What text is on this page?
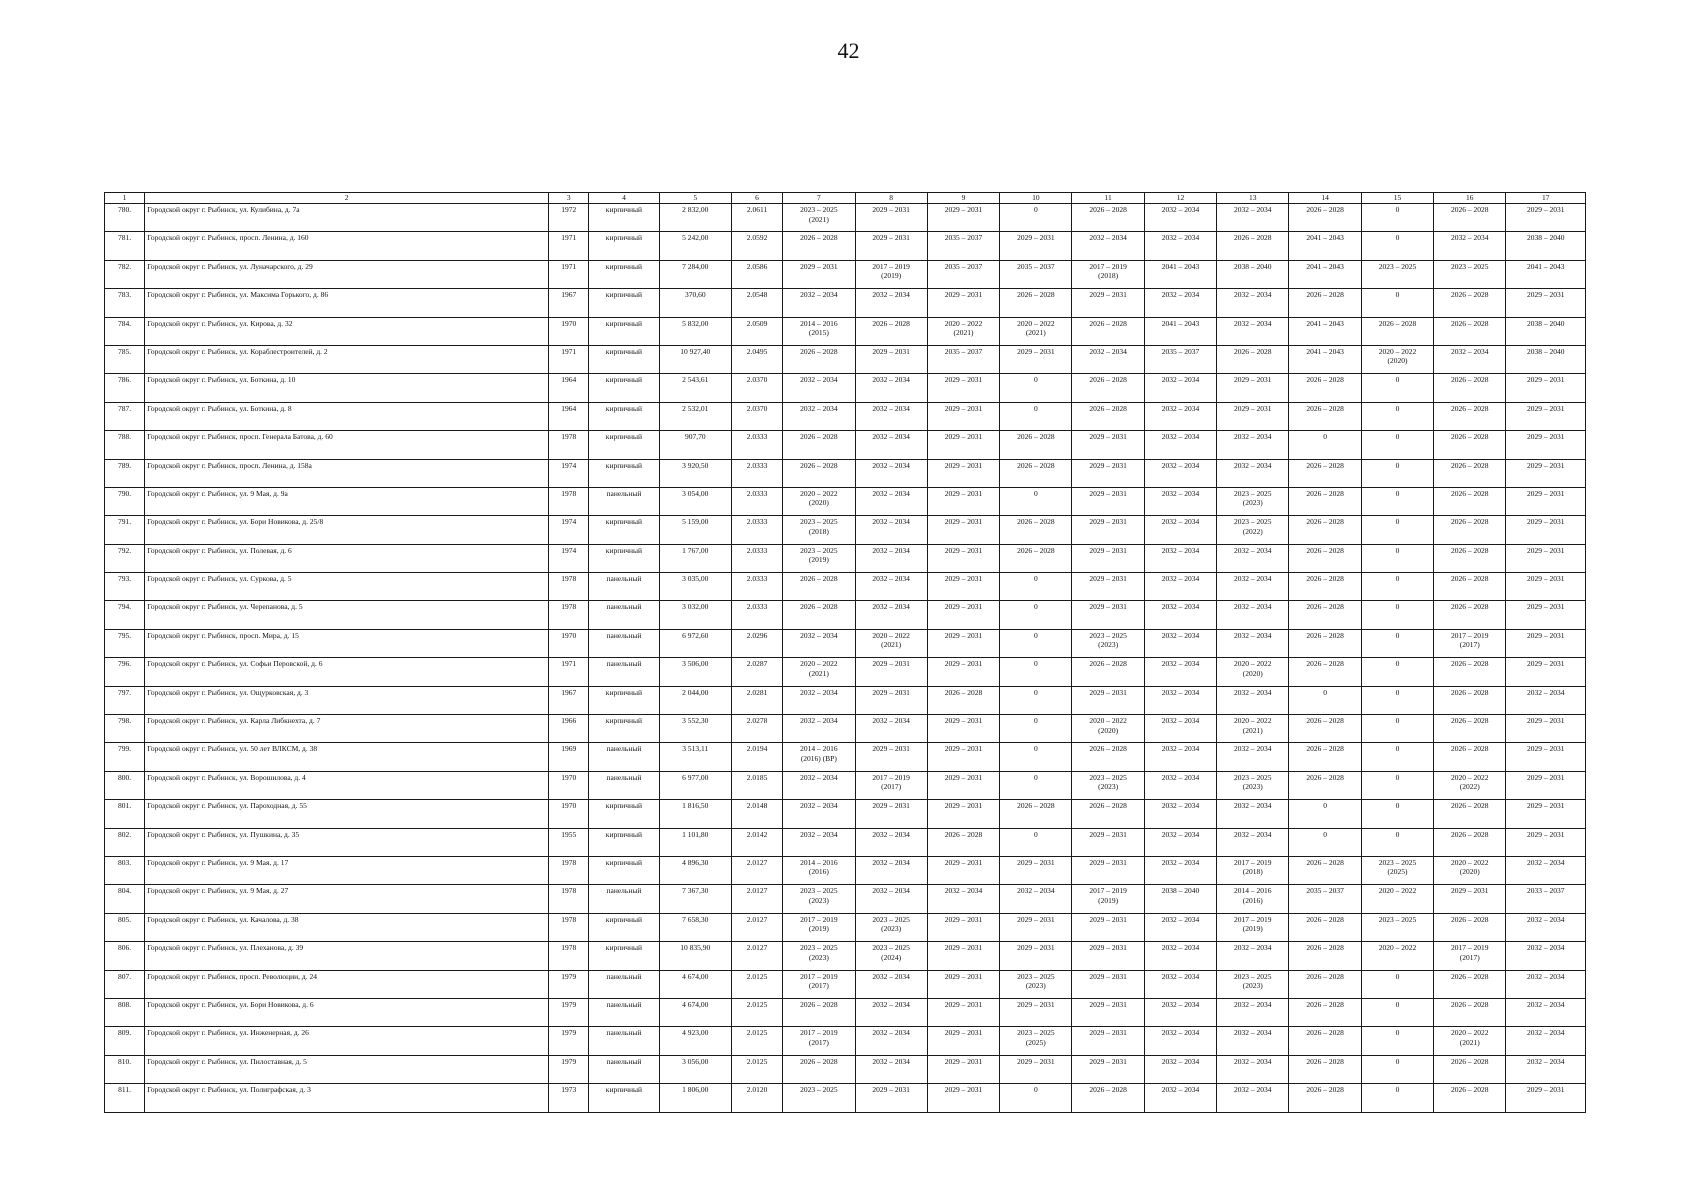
42
1	2	3	4	5	6	7	8	9	10	11	12	13	14	15	16	17
780.	Городской округ г. Рыбинск, ул. Кулибина, д. 7а	1972	кирпичный	2 832,00	2.0611	2023 – 2025
(2021)	2029 – 2031	2029 – 2031	0	2026 – 2028	2032 – 2034	2032 – 2034	2026 – 2028	0	2026 – 2028	2029 – 2031
781.	Городской округ г. Рыбинск, просп. Ленина, д. 160	1971	кирпичный	5 242,00	2.0592	2026 – 2028	2029 – 2031	2035 – 2037	2029 – 2031	2032 – 2034	2032 – 2034	2026 – 2028	2041 – 2043	0	2032 – 2034	2038 – 2040
782.	Городской округ г. Рыбинск, ул. Луначарского, д. 29	1971	кирпичный	7 284,00	2.0586	2029 – 2031	2017 – 2019
(2019)	2035 – 2037	2035 – 2037	2017 – 2019
(2018)	2041 – 2043	2038 – 2040	2041 – 2043	2023 – 2025	2023 – 2025	2041 – 2043
783.	Городской округ г. Рыбинск, ул. Максима Горького, д. 86	1967	кирпичный	370,60	2.0548	2032 – 2034	2032 – 2034	2029 – 2031	2026 – 2028	2029 – 2031	2032 – 2034	2032 – 2034	2026 – 2028	0	2026 – 2028	2029 – 2031
784.	Городской округ г. Рыбинск, ул. Кирова, д. 32	1970	кирпичный	5 832,00	2.0509	2014 – 2016
(2015)	2026 – 2028	2020 – 2022
(2021)	2020 – 2022
(2021)	2026 – 2028	2041 – 2043	2032 – 2034	2041 – 2043	2026 – 2028	2026 – 2028	2038 – 2040
785.	Городской округ г. Рыбинск, ул. Кораблестроителей, д. 2	1971	кирпичный	10 927,40	2.0495	2026 – 2028	2029 – 2031	2035 – 2037	2029 – 2031	2032 – 2034	2035 – 2037	2026 – 2028	2041 – 2043	2020 – 2022
(2020)	2032 – 2034	2038 – 2040
786.	Городской округ г. Рыбинск, ул. Боткина, д. 10	1964	кирпичный	2 543,61	2.0370	2032 – 2034	2032 – 2034	2029 – 2031	0	2026 – 2028	2032 – 2034	2029 – 2031	2026 – 2028	0	2026 – 2028	2029 – 2031
787.	Городской округ г. Рыбинск, ул. Боткина, д. 8	1964	кирпичный	2 532,01	2.0370	2032 – 2034	2032 – 2034	2029 – 2031	0	2026 – 2028	2032 – 2034	2029 – 2031	2026 – 2028	0	2026 – 2028	2029 – 2031
788.	Городской округ г. Рыбинск, просп. Генерала Батова, д. 60	1978	кирпичный	907,70	2.0333	2026 – 2028	2032 – 2034	2029 – 2031	2026 – 2028	2029 – 2031	2032 – 2034	2032 – 2034	0	0	2026 – 2028	2029 – 2031
789.	Городской округ г. Рыбинск, просп. Ленина, д. 158а	1974	кирпичный	3 920,50	2.0333	2026 – 2028	2032 – 2034	2029 – 2031	2026 – 2028	2029 – 2031	2032 – 2034	2032 – 2034	2026 – 2028	0	2026 – 2028	2029 – 2031
790.	Городской округ г. Рыбинск, ул. 9 Мая, д. 9а	1978	панельный	3 054,00	2.0333	2020 – 2022
(2020)	2032 – 2034	2029 – 2031	0	2029 – 2031	2032 – 2034	2023 – 2025
(2023)	2026 – 2028	0	2026 – 2028	2029 – 2031
791.	Городской округ г. Рыбинск, ул. Бори Новикова, д. 25/8	1974	кирпичный	5 159,00	2.0333	2023 – 2025
(2018)	2032 – 2034	2029 – 2031	2026 – 2028	2029 – 2031	2032 – 2034	2023 – 2025
(2022)	2026 – 2028	0	2026 – 2028	2029 – 2031
792.	Городской округ г. Рыбинск, ул. Полевая, д. 6	1974	кирпичный	1 767,00	2.0333	2023 – 2025
(2019)	2032 – 2034	2029 – 2031	2026 – 2028	2029 – 2031	2032 – 2034	2032 – 2034	2026 – 2028	0	2026 – 2028	2029 – 2031
793.	Городской округ г. Рыбинск, ул. Суркова, д. 5	1978	панельный	3 035,00	2.0333	2026 – 2028	2032 – 2034	2029 – 2031	0	2029 – 2031	2032 – 2034	2032 – 2034	2026 – 2028	0	2026 – 2028	2029 – 2031
794.	Городской округ г. Рыбинск, ул. Черепанова, д. 5	1978	панельный	3 032,00	2.0333	2026 – 2028	2032 – 2034	2029 – 2031	0	2029 – 2031	2032 – 2034	2032 – 2034	2026 – 2028	0	2026 – 2028	2029 – 2031
795.	Городской округ г. Рыбинск, просп. Мира, д. 15	1970	панельный	6 972,60	2.0296	2032 – 2034	2020 – 2022
(2021)	2029 – 2031	0	2023 – 2025
(2023)	2032 – 2034	2032 – 2034	2026 – 2028	0	2017 – 2019
(2017)	2029 – 2031
796.	Городской округ г. Рыбинск, ул. Софьи Перовской, д. 6	1971	панельный	3 506,00	2.0287	2020 – 2022
(2021)	2029 – 2031	2029 – 2031	0	2026 – 2028	2032 – 2034	2020 – 2022
(2020)	2026 – 2028	0	2026 – 2028	2029 – 2031
797.	Городской округ г. Рыбинск, ул. Ощурковская, д. 3	1967	кирпичный	2 044,00	2.0281	2032 – 2034	2029 – 2031	2026 – 2028	0	2029 – 2031	2032 – 2034	2032 – 2034	0	0	2026 – 2028	2032 – 2034
798.	Городской округ г. Рыбинск, ул. Карла Либкнехта, д. 7	1966	кирпичный	3 552,30	2.0278	2032 – 2034	2032 – 2034	2029 – 2031	0	2020 – 2022
(2020)	2032 – 2034	2020 – 2022
(2021)	2026 – 2028	0	2026 – 2028	2029 – 2031
799.	Городской округ г. Рыбинск, ул. 50 лет ВЛКСМ, д. 38	1969	панельный	3 513,11	2.0194	2014 – 2016
(2016) (ВР)	2029 – 2031	2029 – 2031	0	2026 – 2028	2032 – 2034	2032 – 2034	2026 – 2028	0	2026 – 2028	2029 – 2031
800.	Городской округ г. Рыбинск, ул. Ворошилова, д. 4	1970	панельный	6 977,00	2.0185	2032 – 2034	2017 – 2019
(2017)	2029 – 2031	0	2023 – 2025
(2023)	2032 – 2034	2023 – 2025
(2023)	2026 – 2028	0	2020 – 2022
(2022)	2029 – 2031
801.	Городской округ г. Рыбинск, ул. Пароходная, д. 55	1970	кирпичный	1 816,50	2.0148	2032 – 2034	2029 – 2031	2029 – 2031	2026 – 2028	2026 – 2028	2032 – 2034	2032 – 2034	0	0	2026 – 2028	2029 – 2031
802.	Городской округ г. Рыбинск, ул. Пушкина, д. 35	1955	кирпичный	1 101,80	2.0142	2032 – 2034	2032 – 2034	2026 – 2028	0	2029 – 2031	2032 – 2034	2032 – 2034	0	0	2026 – 2028	2029 – 2031
803.	Городской округ г. Рыбинск, ул. 9 Мая, д. 17	1978	кирпичный	4 896,30	2.0127	2014 – 2016
(2016)	2032 – 2034	2029 – 2031	2029 – 2031	2029 – 2031	2032 – 2034	2017 – 2019
(2018)	2026 – 2028	2023 – 2025
(2025)	2020 – 2022
(2020)	2032 – 2034
804.	Городской округ г. Рыбинск, ул. 9 Мая, д. 27	1978	панельный	7 367,30	2.0127	2023 – 2025
(2023)	2032 – 2034	2032 – 2034	2032 – 2034	2017 – 2019
(2019)	2038 – 2040	2014 – 2016
(2016)	2035 – 2037	2020 – 2022	2029 – 2031	2033 – 2037
805.	Городской округ г. Рыбинск, ул. Качалова, д. 38	1978	кирпичный	7 658,30	2.0127	2017 – 2019
(2019)	2023 – 2025
(2023)	2029 – 2031	2029 – 2031	2029 – 2031	2032 – 2034	2017 – 2019
(2019)	2026 – 2028	2023 – 2025	2026 – 2028	2032 – 2034
806.	Городской округ г. Рыбинск, ул. Плеханова, д. 39	1978	кирпичный	10 835,90	2.0127	2023 – 2025
(2023)	2023 – 2025
(2024)	2029 – 2031	2029 – 2031	2029 – 2031	2032 – 2034	2032 – 2034	2026 – 2028	2020 – 2022	2017 – 2019
(2017)	2032 – 2034
807.	Городской округ г. Рыбинск, просп. Революции, д. 24	1979	панельный	4 674,00	2.0125	2017 – 2019
(2017)	2032 – 2034	2029 – 2031	2023 – 2025
(2023)	2029 – 2031	2032 – 2034	2023 – 2025
(2023)	2026 – 2028	0	2026 – 2028	2032 – 2034
808.	Городской округ г. Рыбинск, ул. Бори Новикова, д. 6	1979	панельный	4 674,00	2.0125	2026 – 2028	2032 – 2034	2029 – 2031	2029 – 2031	2029 – 2031	2032 – 2034	2032 – 2034	2026 – 2028	0	2026 – 2028	2032 – 2034
809.	Городской округ г. Рыбинск, ул. Инженерная, д. 26	1979	панельный	4 923,00	2.0125	2017 – 2019
(2017)	2032 – 2034	2029 – 2031	2023 – 2025
(2025)	2029 – 2031	2032 – 2034	2032 – 2034	2026 – 2028	0	2020 – 2022
(2021)	2032 – 2034
810.	Городской округ г. Рыбинск, ул. Пилоставная, д. 5	1979	панельный	3 056,00	2.0125	2026 – 2028	2032 – 2034	2029 – 2031	2029 – 2031	2029 – 2031	2032 – 2034	2032 – 2034	2026 – 2028	0	2026 – 2028	2032 – 2034
811.	Городской округ г. Рыбинск, ул. Полиграфская, д. 3	1973	кирпичный	1 806,00	2.0120	2023 – 2025	2029 – 2031	2029 – 2031	0	2026 – 2028	2032 – 2034	2032 – 2034	2026 – 2028	0	2026 – 2028	2029 – 2031
